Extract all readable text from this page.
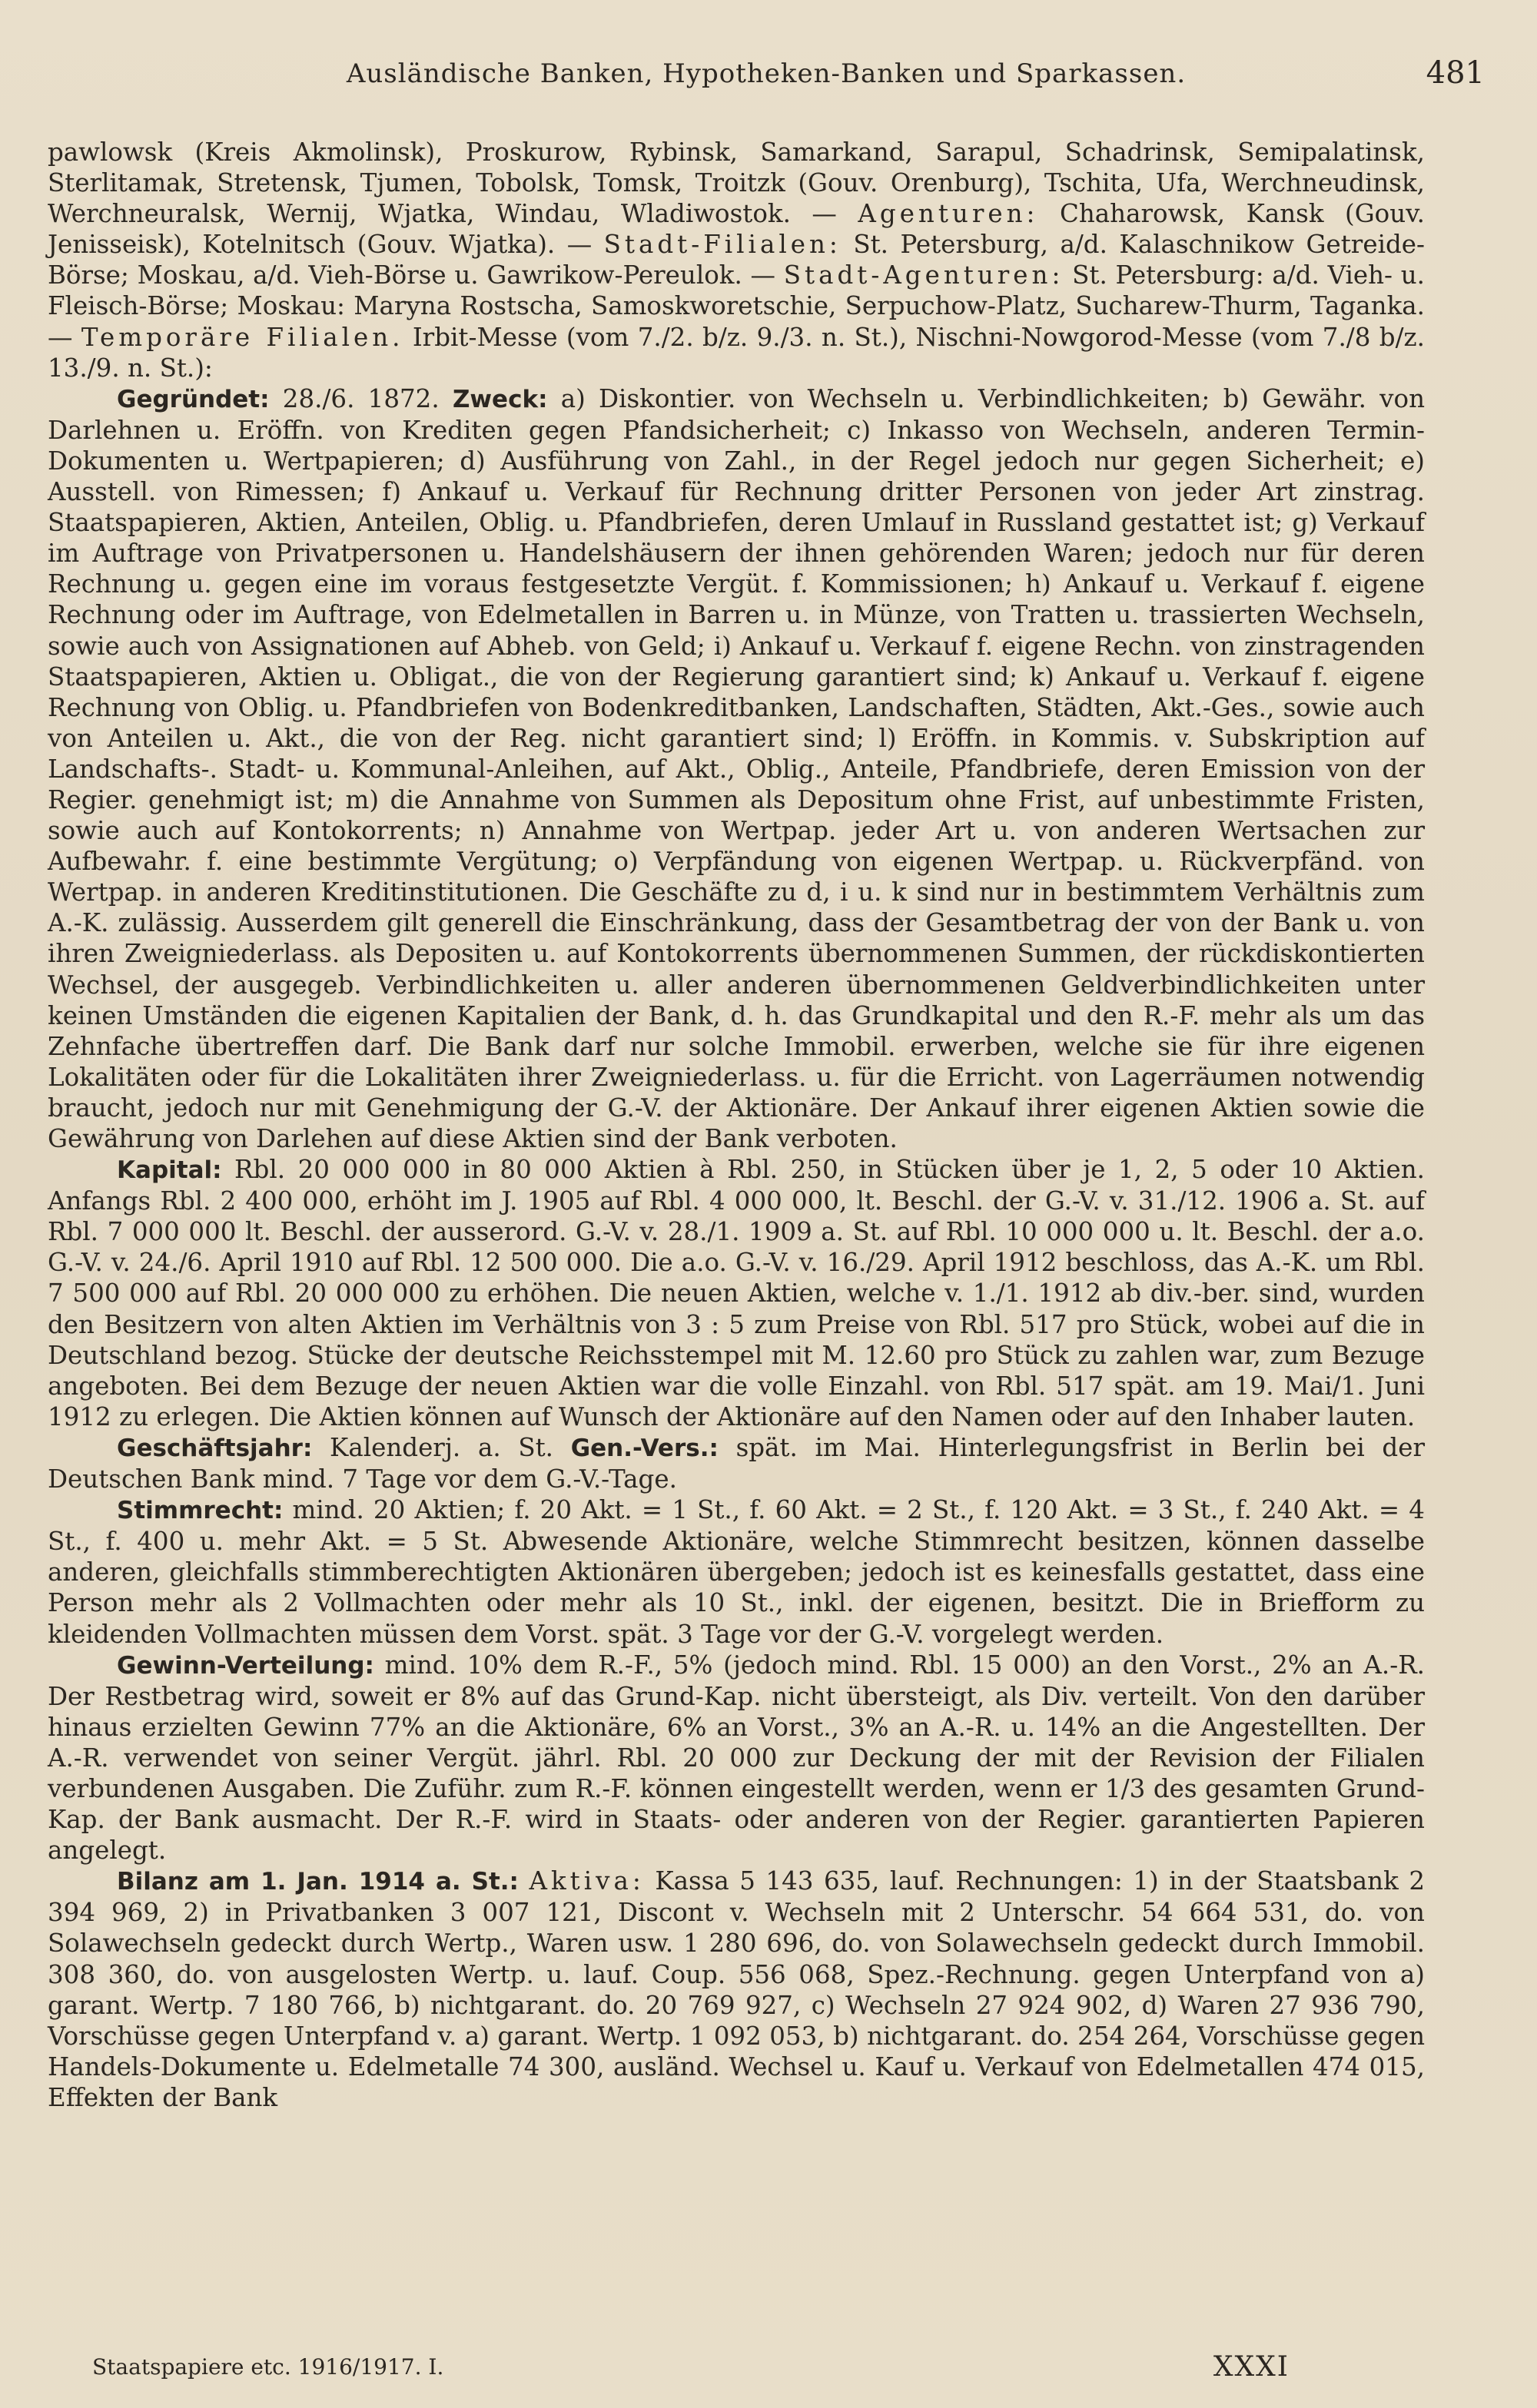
Ausländische Banken, Hypotheken-Banken und Sparkassen.	481

pawlowsk (Kreis Akmolinsk), Proskurow, Rybinsk, Samarkand, Sarapul, Schadrinsk, Semipalatinsk, Sterlitamak, Stretensk, Tjumen, Tobolsk, Tomsk, Troitzk (Gouv. Orenburg), Tschita, Ufa, Werchneudinsk, Werchneuralsk, Wernij, Wjatka, Windau, Wladiwostok. — Agenturen: Chaharowsk, Kansk (Gouv. Jenisseisk), Kotelnitsch (Gouv. Wjatka). — Stadt-Filialen: St. Petersburg, a/d. Kalaschnikow Getreide-Börse; Moskau, a/d. Vieh-Börse u. Gawrikow-Pereulok. — Stadt-Agenturen: St. Petersburg: a/d. Vieh- u. Fleisch-Börse; Moskau: Maryna Rostscha, Samoskworetschie, Serpuchow-Platz, Sucharew-Thurm, Taganka. — Temporäre Filialen. Irbit-Messe (vom 7./2. b/z. 9./3. n. St.), Nischni-Nowgorod-Messe (vom 7./8 b/z. 13./9. n. St.):

Gegründet: 28./6. 1872. Zweck: a) Diskontier. von Wechseln u. Verbindlichkeiten; b) Gewähr. von Darlehnen u. Eröffn. von Krediten gegen Pfandsicherheit; c) Inkasso von Wechseln, anderen Termin-Dokumenten u. Wertpapieren; d) Ausführung von Zahl., in der Regel jedoch nur gegen Sicherheit; e) Ausstell. von Rimessen; f) Ankauf u. Verkauf für Rechnung dritter Personen von jeder Art zinstrag. Staatspapieren, Aktien, Anteilen, Oblig. u. Pfandbriefen, deren Umlauf in Russland gestattet ist; g) Verkauf im Auftrage von Privatpersonen u. Handelshäusern der ihnen gehörenden Waren; jedoch nur für deren Rechnung u. gegen eine im voraus festgesetzte Vergüt. f. Kommissionen; h) Ankauf u. Verkauf f. eigene Rechnung oder im Auftrage, von Edelmetallen in Barren u. in Münze, von Tratten u. trassierten Wechseln, sowie auch von Assignationen auf Abheb. von Geld; i) Ankauf u. Verkauf f. eigene Rechn. von zinstragenden Staatspapieren, Aktien u. Obligat., die von der Regierung garantiert sind; k) Ankauf u. Verkauf f. eigene Rechnung von Oblig. u. Pfandbriefen von Bodenkreditbanken, Landschaften, Städten, Akt.-Ges., sowie auch von Anteilen u. Akt., die von der Reg. nicht garantiert sind; l) Eröffn. in Kommis. v. Subskription auf Landschafts-. Stadt- u. Kommunal-Anleihen, auf Akt., Oblig., Anteile, Pfandbriefe, deren Emission von der Regier. genehmigt ist; m) die Annahme von Summen als Depositum ohne Frist, auf unbestimmte Fristen, sowie auch auf Kontokorrents; n) Annahme von Wertpap. jeder Art u. von anderen Wertsachen zur Aufbewahr. f. eine bestimmte Vergütung; o) Verpfändung von eigenen Wertpap. u. Rückverpfänd. von Wertpap. in anderen Kreditinstitutionen. Die Geschäfte zu d, i u. k sind nur in bestimmtem Verhältnis zum A.-K. zulässig. Ausserdem gilt generell die Einschränkung, dass der Gesamtbetrag der von der Bank u. von ihren Zweigniederlass. als Depositen u. auf Kontokorrents übernommenen Summen, der rückdiskontierten Wechsel, der ausgegeb. Verbindlichkeiten u. aller anderen übernommenen Geldverbindlichkeiten unter keinen Umständen die eigenen Kapitalien der Bank, d. h. das Grundkapital und den R.-F. mehr als um das Zehnfache übertreffen darf. Die Bank darf nur solche Immobil. erwerben, welche sie für ihre eigenen Lokalitäten oder für die Lokalitäten ihrer Zweigniederlass. u. für die Erricht. von Lagerräumen notwendig braucht, jedoch nur mit Genehmigung der G.-V. der Aktionäre. Der Ankauf ihrer eigenen Aktien sowie die Gewährung von Darlehen auf diese Aktien sind der Bank verboten.

Kapital: Rbl. 20 000 000 in 80 000 Aktien à Rbl. 250, in Stücken über je 1, 2, 5 oder 10 Aktien. Anfangs Rbl. 2 400 000, erhöht im J. 1905 auf Rbl. 4 000 000, lt. Beschl. der G.-V. v. 31./12. 1906 a. St. auf Rbl. 7 000 000 lt. Beschl. der ausserord. G.-V. v. 28./1. 1909 a. St. auf Rbl. 10 000 000 u. lt. Beschl. der a.o. G.-V. v. 24./6. April 1910 auf Rbl. 12 500 000. Die a.o. G.-V. v. 16./29. April 1912 beschloss, das A.-K. um Rbl. 7 500 000 auf Rbl. 20 000 000 zu erhöhen. Die neuen Aktien, welche v. 1./1. 1912 ab div.-ber. sind, wurden den Besitzern von alten Aktien im Verhältnis von 3 : 5 zum Preise von Rbl. 517 pro Stück, wobei auf die in Deutschland bezog. Stücke der deutsche Reichsstempel mit M. 12.60 pro Stück zu zahlen war, zum Bezuge angeboten. Bei dem Bezuge der neuen Aktien war die volle Einzahl. von Rbl. 517 spät. am 19. Mai/1. Juni 1912 zu erlegen. Die Aktien können auf Wunsch der Aktionäre auf den Namen oder auf den Inhaber lauten.

Geschäftsjahr: Kalenderj. a. St. Gen.-Vers.: spät. im Mai. Hinterlegungsfrist in Berlin bei der Deutschen Bank mind. 7 Tage vor dem G.-V.-Tage.

Stimmrecht: mind. 20 Aktien; f. 20 Akt. = 1 St., f. 60 Akt. = 2 St., f. 120 Akt. = 3 St., f. 240 Akt. = 4 St., f. 400 u. mehr Akt. = 5 St. Abwesende Aktionäre, welche Stimmrecht besitzen, können dasselbe anderen, gleichfalls stimmberechtigten Aktionären übergeben; jedoch ist es keinesfalls gestattet, dass eine Person mehr als 2 Vollmachten oder mehr als 10 St., inkl. der eigenen, besitzt. Die in Briefform zu kleidenden Vollmachten müssen dem Vorst. spät. 3 Tage vor der G.-V. vorgelegt werden.

Gewinn-Verteilung: mind. 10% dem R.-F., 5% (jedoch mind. Rbl. 15 000) an den Vorst., 2% an A.-R. Der Restbetrag wird, soweit er 8% auf das Grund-Kap. nicht übersteigt, als Div. verteilt. Von den darüber hinaus erzielten Gewinn 77% an die Aktionäre, 6% an Vorst., 3% an A.-R. u. 14% an die Angestellten. Der A.-R. verwendet von seiner Vergüt. jährl. Rbl. 20 000 zur Deckung der mit der Revision der Filialen verbundenen Ausgaben. Die Zuführ. zum R.-F. können eingestellt werden, wenn er 1/3 des gesamten Grund-Kap. der Bank ausmacht. Der R.-F. wird in Staats- oder anderen von der Regier. garantierten Papieren angelegt.

Bilanz am 1. Jan. 1914 a. St.: Aktiva: Kassa 5 143 635, lauf. Rechnungen: 1) in der Staatsbank 2 394 969, 2) in Privatbanken 3 007 121, Discont v. Wechseln mit 2 Unterschr. 54 664 531, do. von Solawechseln gedeckt durch Wertp., Waren usw. 1 280 696, do. von Solawechseln gedeckt durch Immobil. 308 360, do. von ausgelosten Wertp. u. lauf. Coup. 556 068, Spez.-Rechnung. gegen Unterpfand von a) garant. Wertp. 7 180 766, b) nichtgarant. do. 20 769 927, c) Wechseln 27 924 902, d) Waren 27 936 790, Vorschüsse gegen Unterpfand v. a) garant. Wertp. 1 092 053, b) nichtgarant. do. 254 264, Vorschüsse gegen Handels-Dokumente u. Edelmetalle 74 300, ausländ. Wechsel u. Kauf u. Verkauf von Edelmetallen 474 015, Effekten der Bank

Staatspapiere etc. 1916/1917. I.	XXXI
